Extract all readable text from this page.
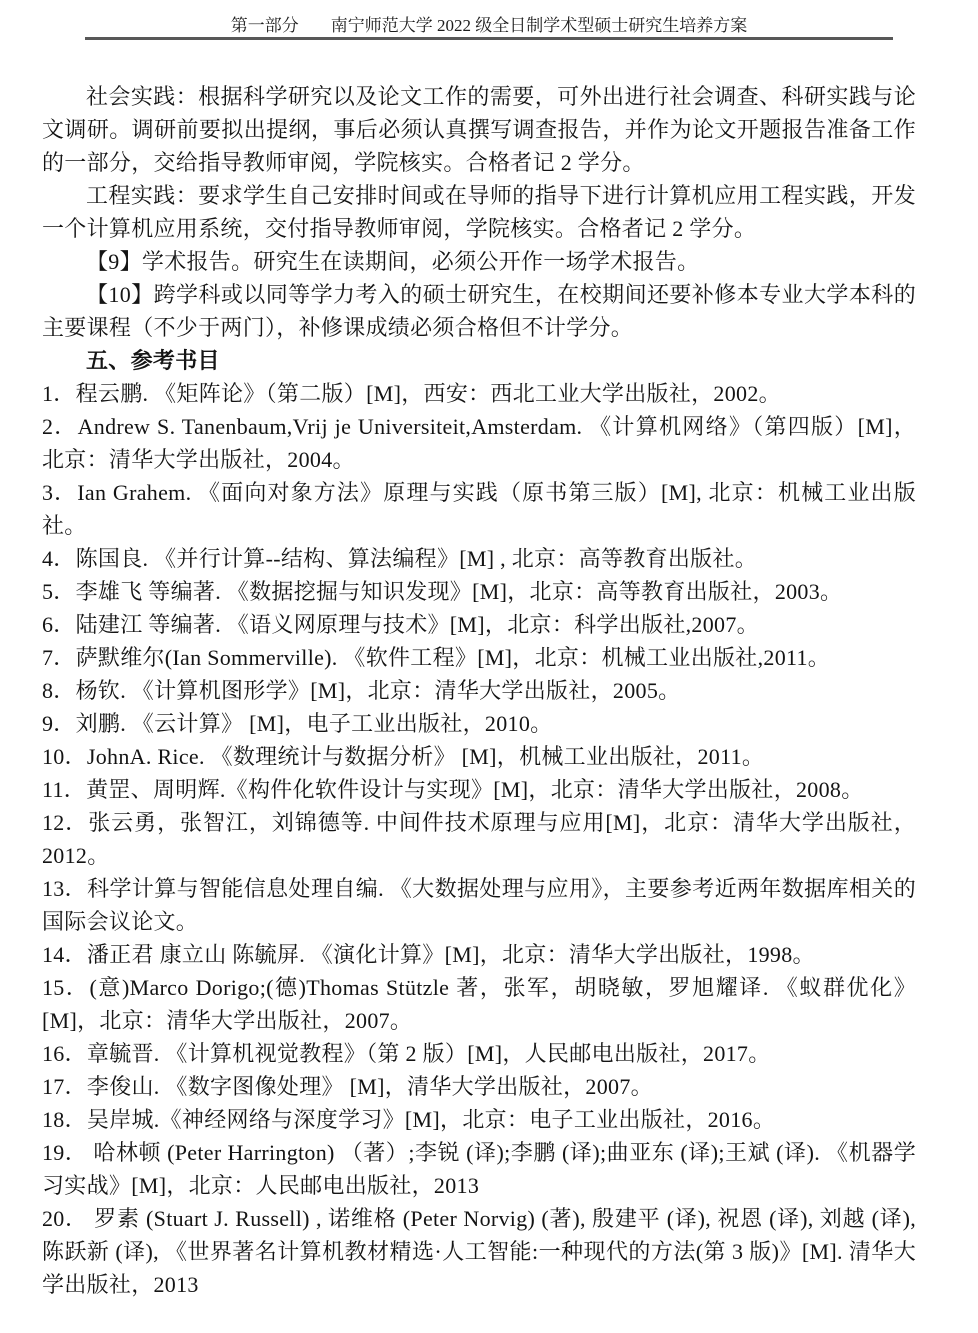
第一部分 南宁师范大学 2022 级全日制学术型硕士研究生培养方案

社会实践：根据科学研究以及论文工作的需要，可外出进行社会调查、科研实践与论文调研。调研前要拟出提纲，事后必须认真撰写调查报告，并作为论文开题报告准备工作的一部分，交给指导教师审阅，学院核实。合格者记 2 学分。

工程实践：要求学生自己安排时间或在导师的指导下进行计算机应用工程实践，开发一个计算机应用系统，交付指导教师审阅，学院核实。合格者记 2 学分。

【9】学术报告。研究生在读期间，必须公开作一场学术报告。

【10】跨学科或以同等学力考入的硕士研究生，在校期间还要补修本专业大学本科的主要课程（不少于两门），补修课成绩必须合格但不计学分。

五、参考书目

1．程云鹏. 《矩阵论》（第二版）[M]，西安：西北工业大学出版社，2002。

2．Andrew S. Tanenbaum,Vrij je Universiteit,Amsterdam. 《计算机网络》（第四版）[M]，北京：清华大学出版社，2004。

3．Ian Grahem. 《面向对象方法》原理与实践（原书第三版）[M], 北京：机械工业出版社。

4．陈国良. 《并行计算--结构、算法编程》[M] , 北京：高等教育出版社。

5．李雄飞 等编著. 《数据挖掘与知识发现》[M]，北京：高等教育出版社，2003。

6．陆建江 等编著. 《语义网原理与技术》[M]，北京：科学出版社,2007。

7．萨默维尔(Ian Sommerville). 《软件工程》[M]，北京：机械工业出版社,2011。

8．杨钦. 《计算机图形学》[M]，北京：清华大学出版社，2005。

9．刘鹏. 《云计算》 [M]，电子工业出版社，2010。

10．JohnA. Rice. 《数理统计与数据分析》 [M]，机械工业出版社，2011。

11．黄罡、周明辉.《构件化软件设计与实现》[M]，北京：清华大学出版社，2008。

12．张云勇，张智江，刘锦德等. 中间件技术原理与应用[M]，北京：清华大学出版社，2012。

13．科学计算与智能信息处理自编. 《大数据处理与应用》，主要参考近两年数据库相关的国际会议论文。

14．潘正君 康立山 陈毓屏. 《演化计算》[M]，北京：清华大学出版社，1998。

15．(意)Marco Dorigo;(德)Thomas Stützle 著，张军，胡晓敏，罗旭耀译. 《蚁群优化》[M]，北京：清华大学出版社，2007。

16．章毓晋. 《计算机视觉教程》（第 2 版）[M]，人民邮电出版社，2017。

17．李俊山. 《数字图像处理》 [M]，清华大学出版社，2007。

18．吴岸城.《神经网络与深度学习》[M]，北京：电子工业出版社，2016。

19． 哈林顿 (Peter Harrington) （著）;李锐 (译);李鹏 (译);曲亚东 (译);王斌 (译). 《机器学习实战》[M]，北京：人民邮电出版社，2013

20． 罗素 (Stuart J. Russell) , 诺维格 (Peter Norvig) (著), 殷建平 (译), 祝恩 (译), 刘越 (译), 陈跃新 (译), 《世界著名计算机教材精选·人工智能:一种现代的方法(第 3 版)》[M]. 清华大学出版社，2013
